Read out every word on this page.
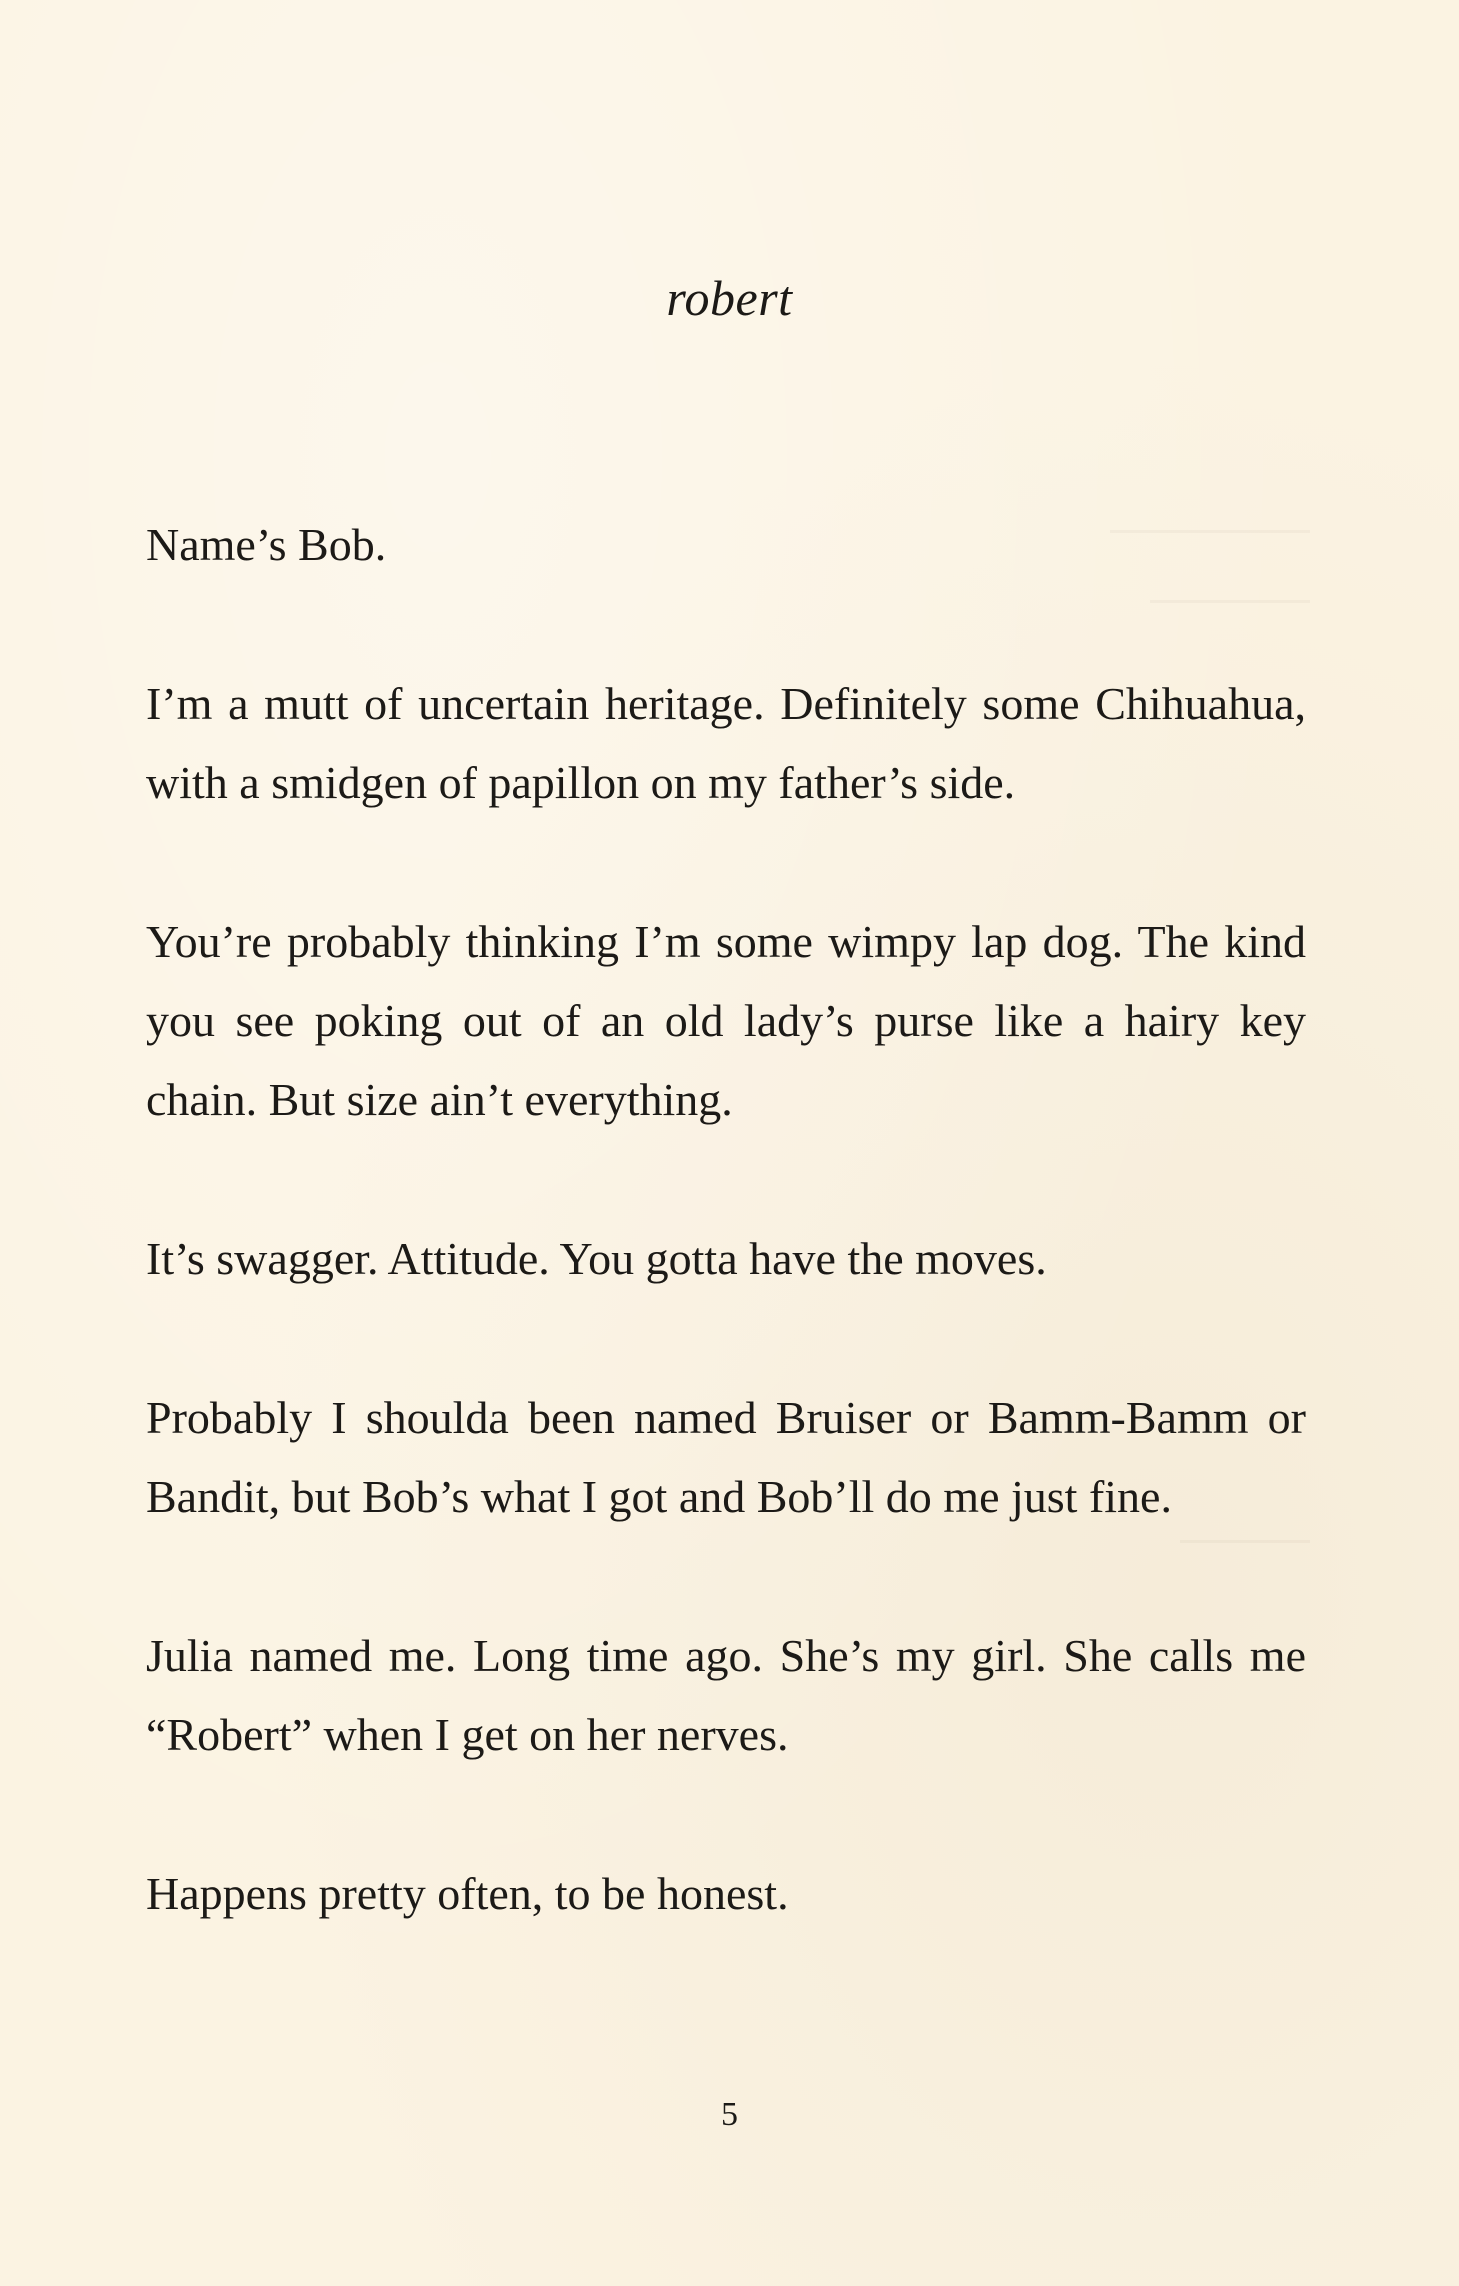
robert

Name’s Bob.

I’m a mutt of uncertain heritage. Definitely some Chihuahua, with a smidgen of papillon on my father’s side.

You’re probably thinking I’m some wimpy lap dog. The kind you see poking out of an old lady’s purse like a hairy key chain. But size ain’t everything.

It’s swagger. Attitude. You gotta have the moves.

Probably I shoulda been named Bruiser or Bamm-Bamm or Bandit, but Bob’s what I got and Bob’ll do me just fine.

Julia named me. Long time ago. She’s my girl. She calls me “Robert” when I get on her nerves.

Happens pretty often, to be honest.

5
